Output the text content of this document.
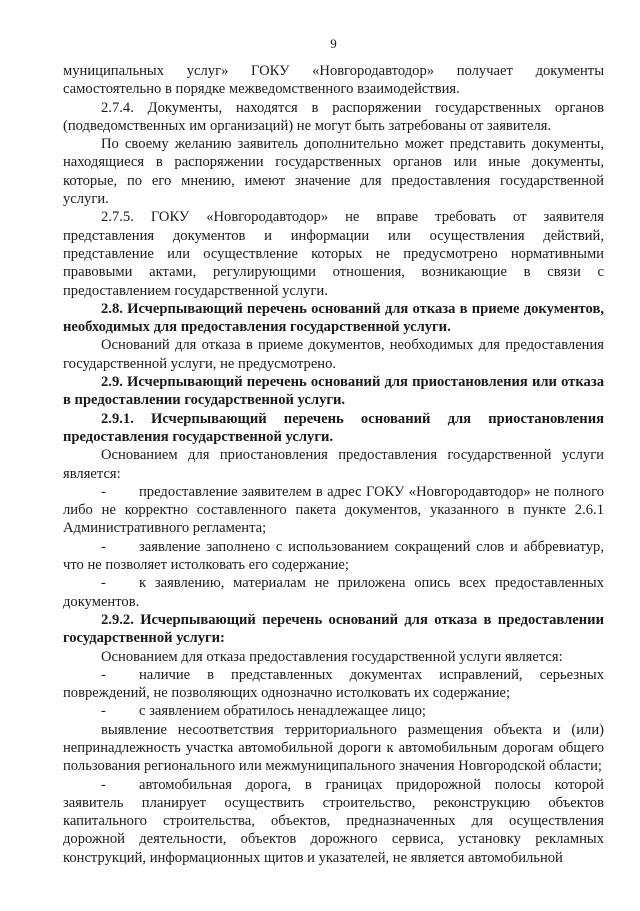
9

муниципальных услуг» ГОКУ «Новгородавтодор» получает документы самостоятельно в порядке межведомственного взаимодействия.

2.7.4. Документы, находятся в распоряжении государственных органов (подведомственных им организаций) не могут быть затребованы от заявителя.

По своему желанию заявитель дополнительно может представить документы, находящиеся в распоряжении государственных органов или иные документы, которые, по его мнению, имеют значение для предоставления государственной услуги.

2.7.5. ГОКУ «Новгородавтодор» не вправе требовать от заявителя представления документов и информации или осуществления действий, представление или осуществление которых не предусмотрено нормативными правовыми актами, регулирующими отношения, возникающие в связи с предоставлением государственной услуги.

2.8. Исчерпывающий перечень оснований для отказа в приеме документов, необходимых для предоставления государственной услуги.

Оснований для отказа в приеме документов, необходимых для предоставления государственной услуги, не предусмотрено.

2.9. Исчерпывающий перечень оснований для приостановления или отказа в предоставлении государственной услуги.

2.9.1. Исчерпывающий перечень оснований для приостановления предоставления государственной услуги.

Основанием для приостановления предоставления государственной услуги является:

- предоставление заявителем в адрес ГОКУ «Новгородавтодор» не полного либо не корректно составленного пакета документов, указанного в пункте 2.6.1 Административного регламента;

- заявление заполнено с использованием сокращений слов и аббревиатур, что не позволяет истолковать его содержание;

- к заявлению, материалам не приложена опись всех предоставленных документов.

2.9.2. Исчерпывающий перечень оснований для отказа в предоставлении государственной услуги:

Основанием для отказа предоставления государственной услуги является:

- наличие в представленных документах исправлений, серьезных повреждений, не позволяющих однозначно истолковать их содержание;

- с заявлением обратилось ненадлежащее лицо;

выявление несоответствия территориального размещения объекта и (или) непринадлежность участка автомобильной дороги к автомобильным дорогам общего пользования регионального или межмуниципального значения Новгородской области;

- автомобильная дорога, в границах придорожной полосы которой заявитель планирует осуществить строительство, реконструкцию объектов капитального строительства, объектов, предназначенных для осуществления дорожной деятельности, объектов дорожного сервиса, установку рекламных конструкций, информационных щитов и указателей, не является автомобильной
